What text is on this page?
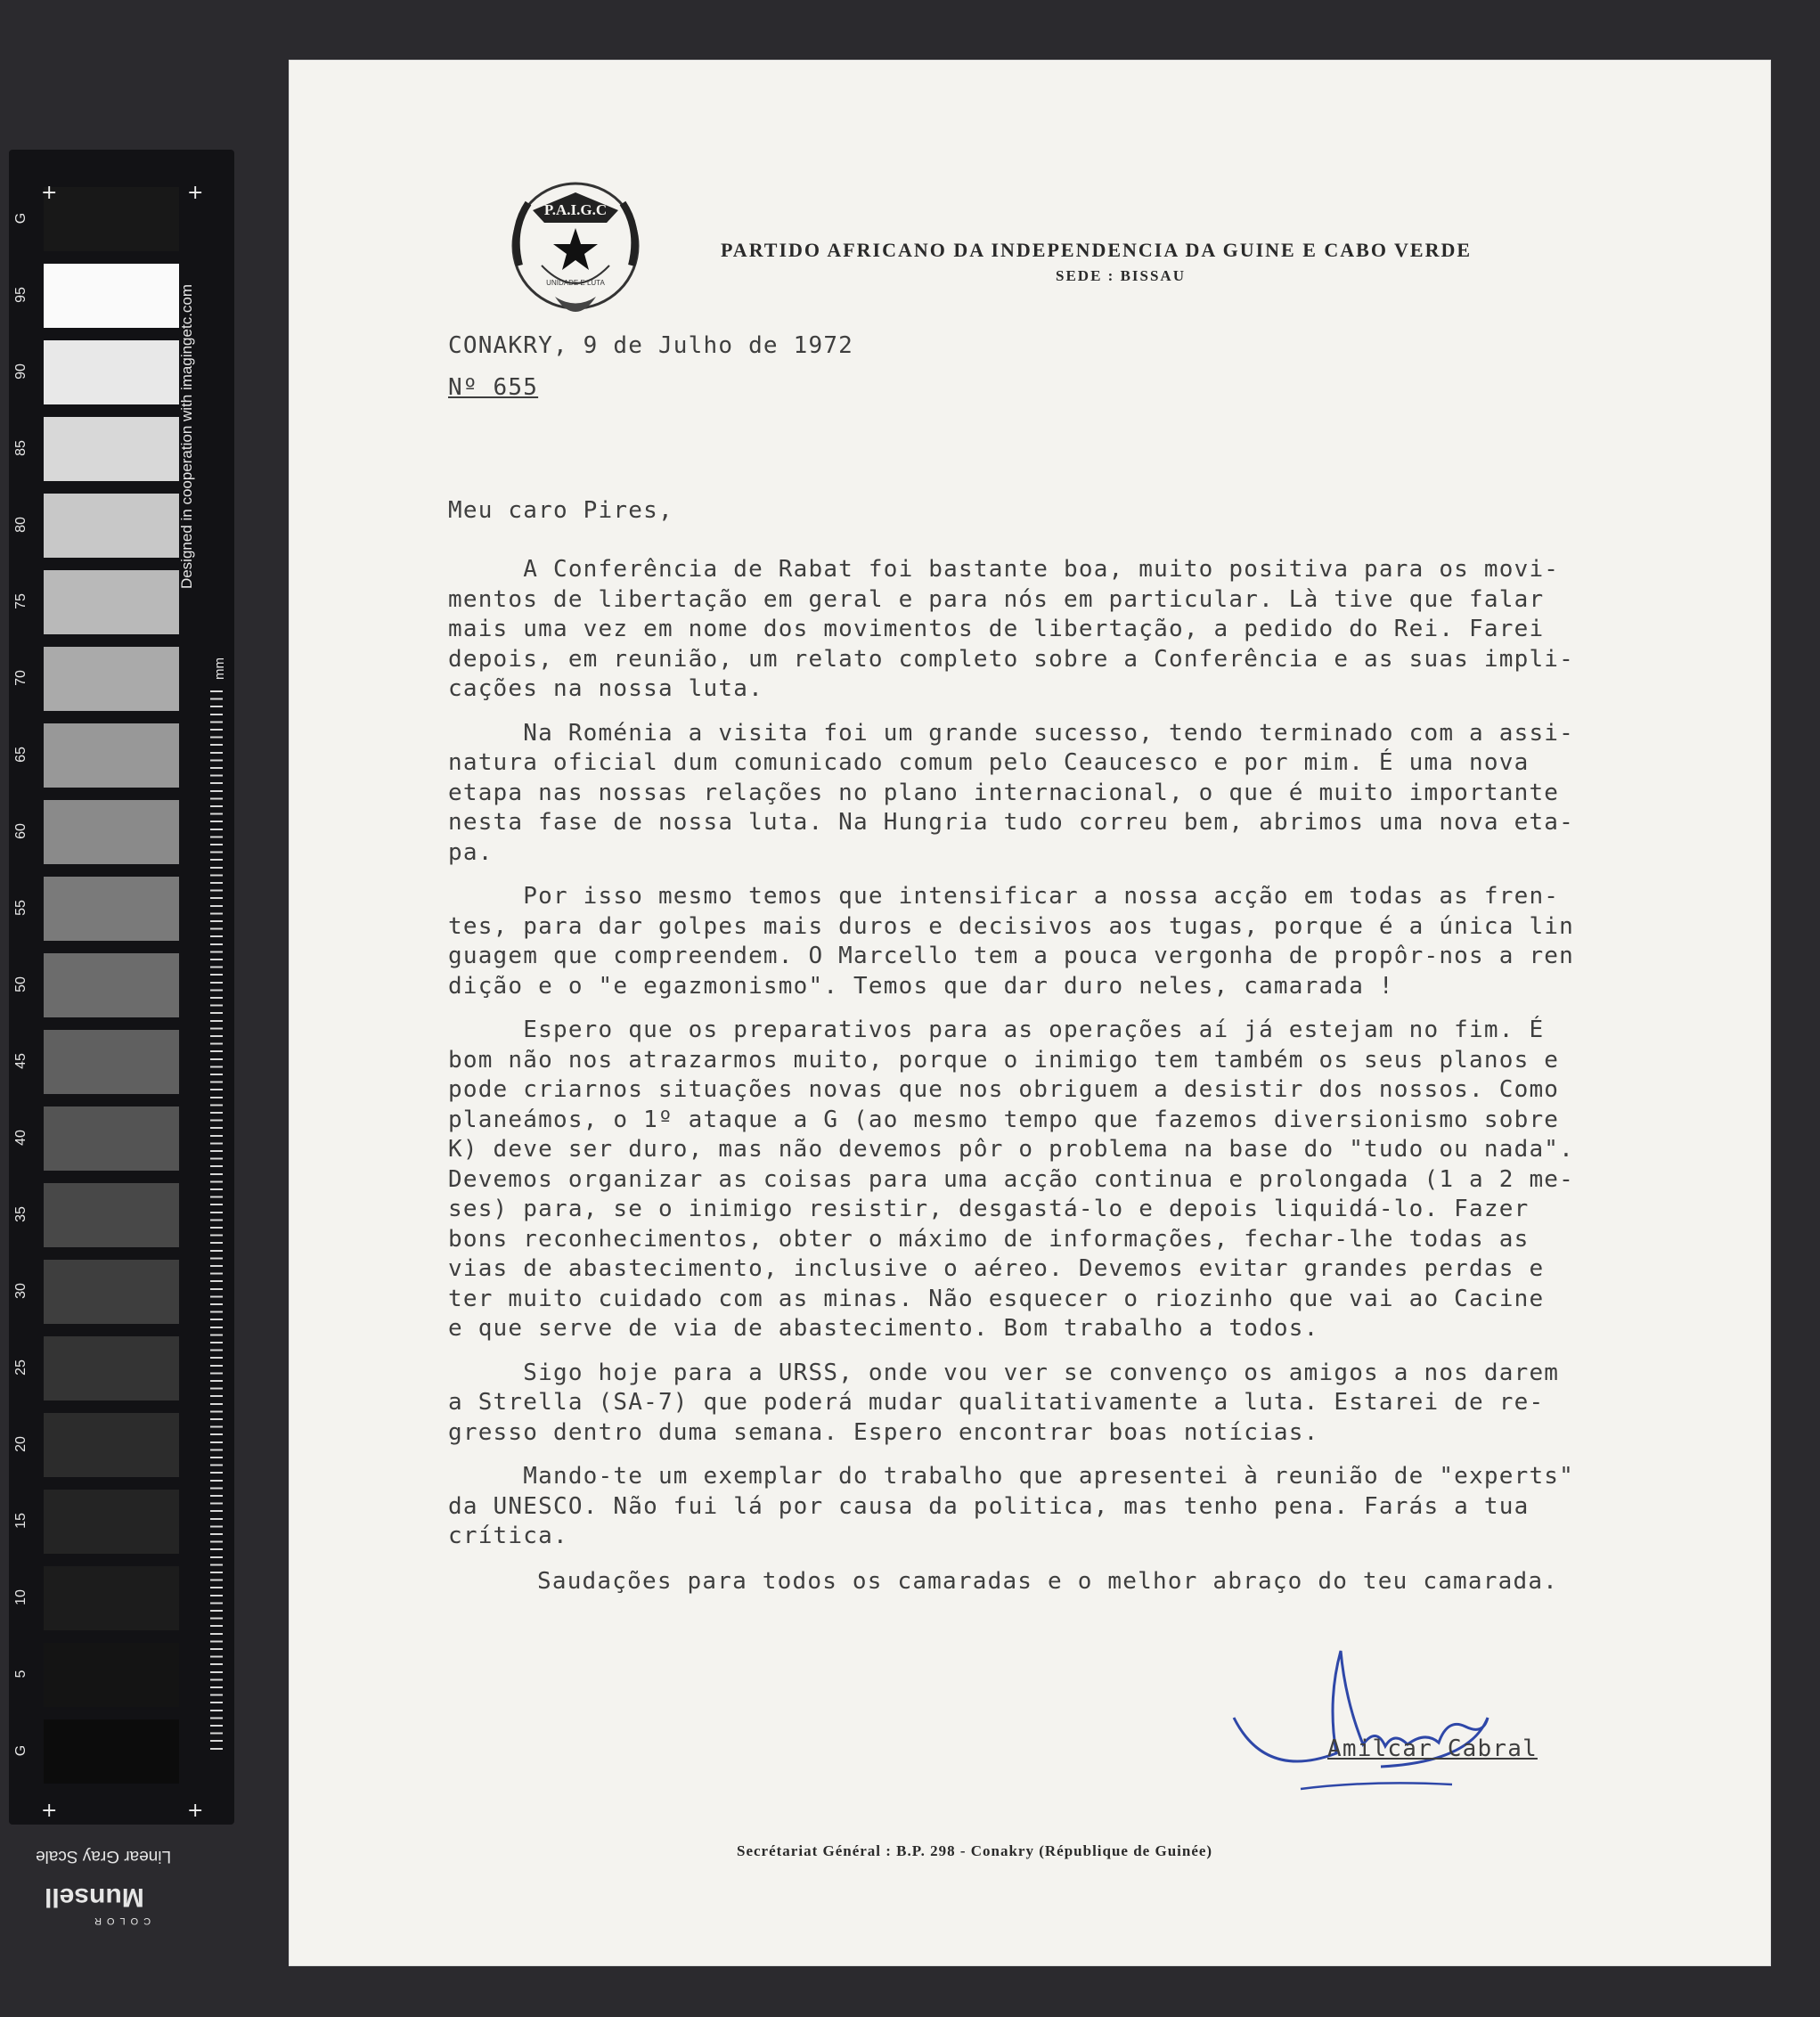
G
95
90
85
80
75
70
65
60
55
50
45
40
35
30
25
20
15
10
5
G
Designed in cooperation with imagingetc.com
mm
Linear Gray Scale
Munsell
COLOR
+	+
+	+
P.A.I.G.C
UNIDADE E LUTA
PARTIDO AFRICANO DA INDEPENDENCIA DA GUINE E CABO VERDE
SEDE : BISSAU
CONAKRY, 9 de Julho de 1972
Nº 655
Meu caro Pires,
A Conferência de Rabat foi bastante boa, muito positiva para os movi-
mentos de libertação em geral e para nós em particular. Là tive que falar
mais uma vez em nome dos movimentos de libertação, a pedido do Rei. Farei
depois, em reunião, um relato completo sobre a Conferência e as suas impli-
cações na nossa luta.
Na Roménia a visita foi um grande sucesso, tendo terminado com a assi-
natura oficial dum comunicado comum pelo Ceaucesco e por mim. É uma nova
etapa nas nossas relações no plano internacional, o que é muito importante
nesta fase de nossa luta. Na Hungria tudo correu bem, abrimos uma nova eta-
pa.
Por isso mesmo temos que intensificar a nossa acção em todas as fren-
tes, para dar golpes mais duros e decisivos aos tugas, porque é a única lin
guagem que compreendem. O Marcello tem a pouca vergonha de propôr-nos a ren
dição e o "e egazmonismo". Temos que dar duro neles, camarada !
Espero que os preparativos para as operações aí já estejam no fim. É
bom não nos atrazarmos muito, porque o inimigo tem também os seus planos e
pode criarnos situações novas que nos obriguem a desistir dos nossos. Como
planeámos, o 1º ataque a G (ao mesmo tempo que fazemos diversionismo sobre
K) deve ser duro, mas não devemos pôr o problema na base do "tudo ou nada".
Devemos organizar as coisas para uma acção continua e prolongada (1 a 2 me-
ses) para, se o inimigo resistir, desgastá-lo e depois liquidá-lo. Fazer
bons reconhecimentos, obter o máximo de informações, fechar-lhe todas as
vias de abastecimento, inclusive o aéreo. Devemos evitar grandes perdas e
ter muito cuidado com as minas. Não esquecer o riozinho que vai ao Cacine
e que serve de via de abastecimento. Bom trabalho a todos.
Sigo hoje para a URSS, onde vou ver se convenço os amigos a nos darem
a Strella (SA-7) que poderá mudar qualitativamente a luta. Estarei de re-
gresso dentro duma semana. Espero encontrar boas notícias.
Mando-te um exemplar do trabalho que apresentei à reunião de "experts"
da UNESCO. Não fui lá por causa da politica, mas tenho pena. Farás a tua
crítica.
Saudações para todos os camaradas e o melhor abraço do teu camarada.
Amilcar Cabral
Secrétariat Général : B.P. 298 - Conakry (République de Guinée)
